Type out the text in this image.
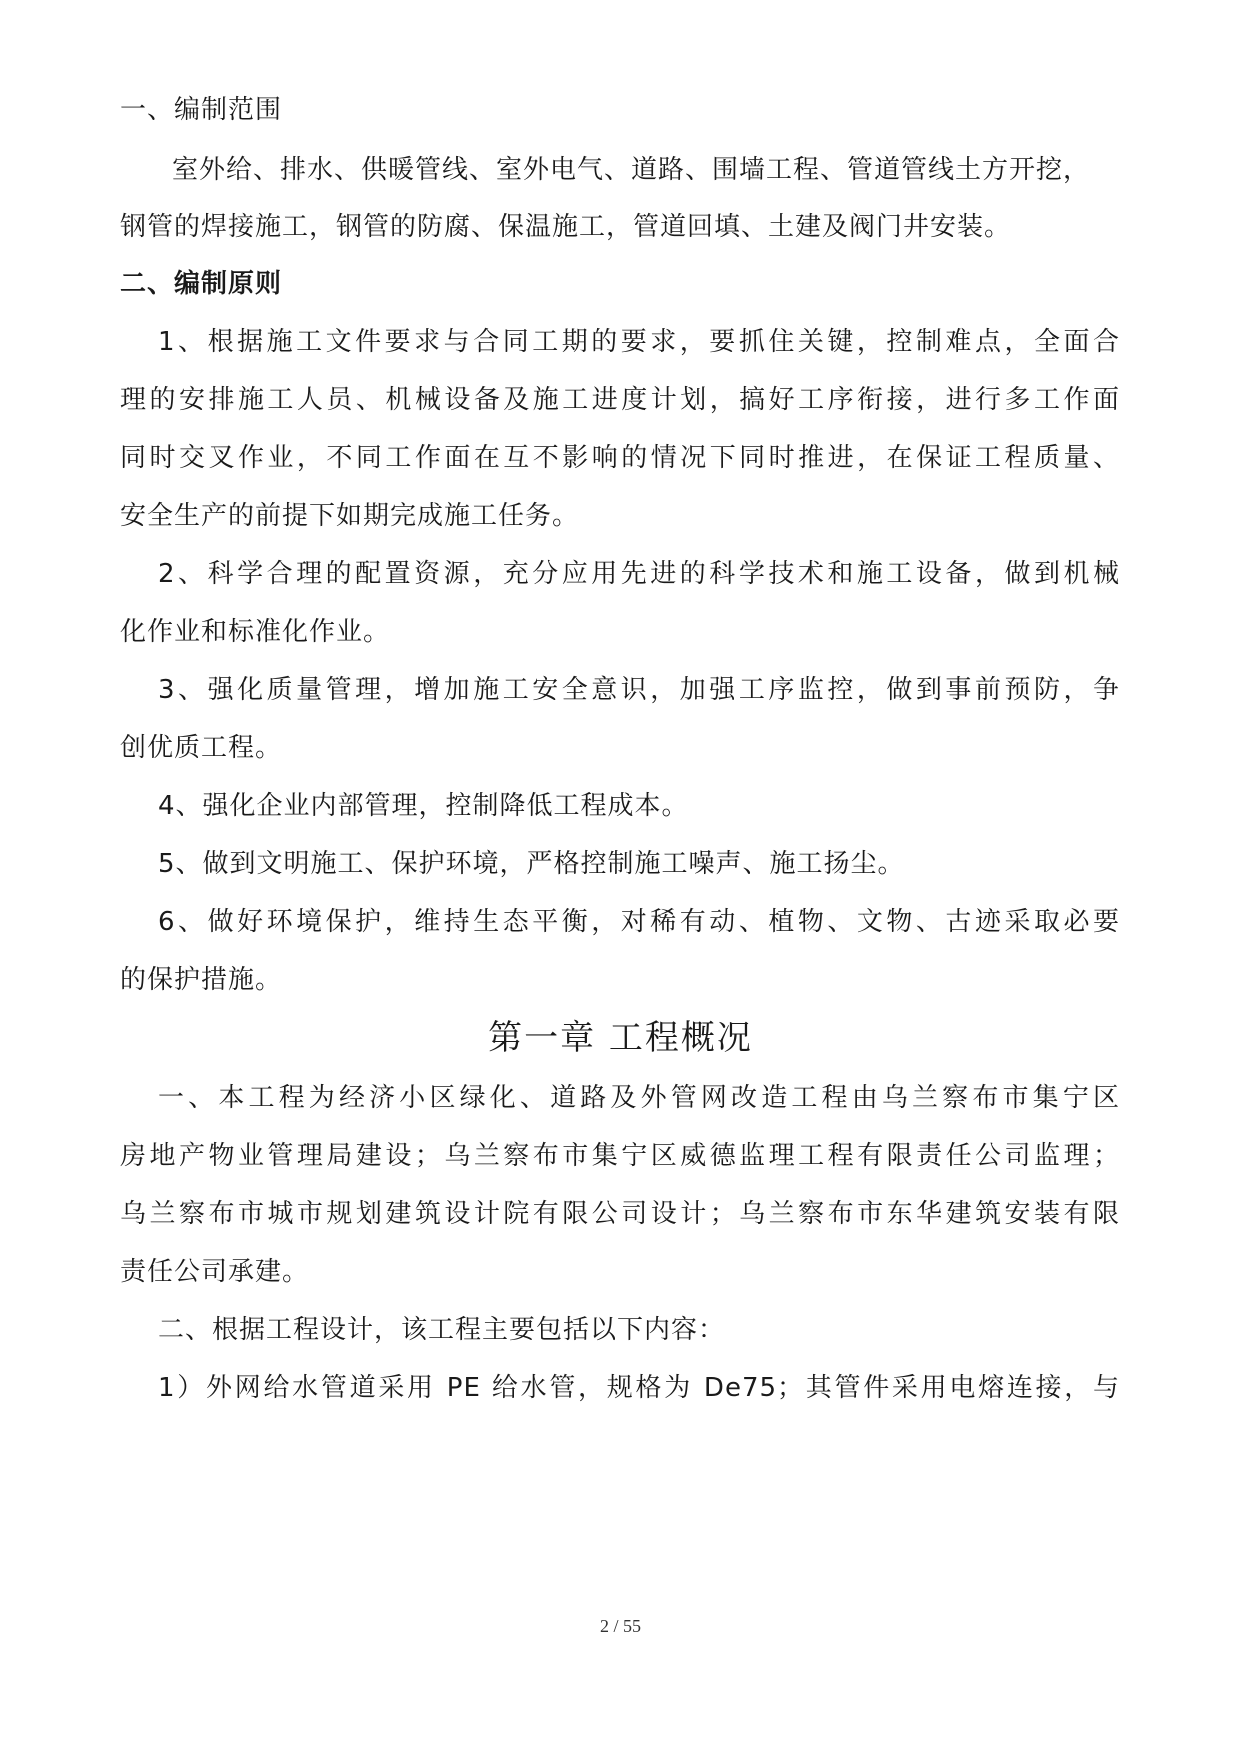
一、编制范围
室外给、排水、供暖管线、室外电气、道路、围墙工程、管道管线土方开挖，
钢管的焊接施工，钢管的防腐、保温施工，管道回填、土建及阀门井安装。
二、编制原则
1、根据施工文件要求与合同工期的要求，要抓住关键，控制难点，全面合
理的安排施工人员、机械设备及施工进度计划，搞好工序衔接，进行多工作面
同时交叉作业，不同工作面在互不影响的情况下同时推进，在保证工程质量、
安全生产的前提下如期完成施工任务。
2、科学合理的配置资源，充分应用先进的科学技术和施工设备，做到机械
化作业和标准化作业。
3、强化质量管理，增加施工安全意识，加强工序监控，做到事前预防，争
创优质工程。
4、强化企业内部管理，控制降低工程成本。
5、做到文明施工、保护环境，严格控制施工噪声、施工扬尘。
6、做好环境保护，维持生态平衡，对稀有动、植物、文物、古迹采取必要
的保护措施。
第一章 工程概况
一、本工程为经济小区绿化、道路及外管网改造工程由乌兰察布市集宁区
房地产物业管理局建设；乌兰察布市集宁区威德监理工程有限责任公司监理；
乌兰察布市城市规划建筑设计院有限公司设计；乌兰察布市东华建筑安装有限
责任公司承建。
二、根据工程设计，该工程主要包括以下内容：
1）外网给水管道采用 PE 给水管，规格为 De75；其管件采用电熔连接，与
2 / 55
